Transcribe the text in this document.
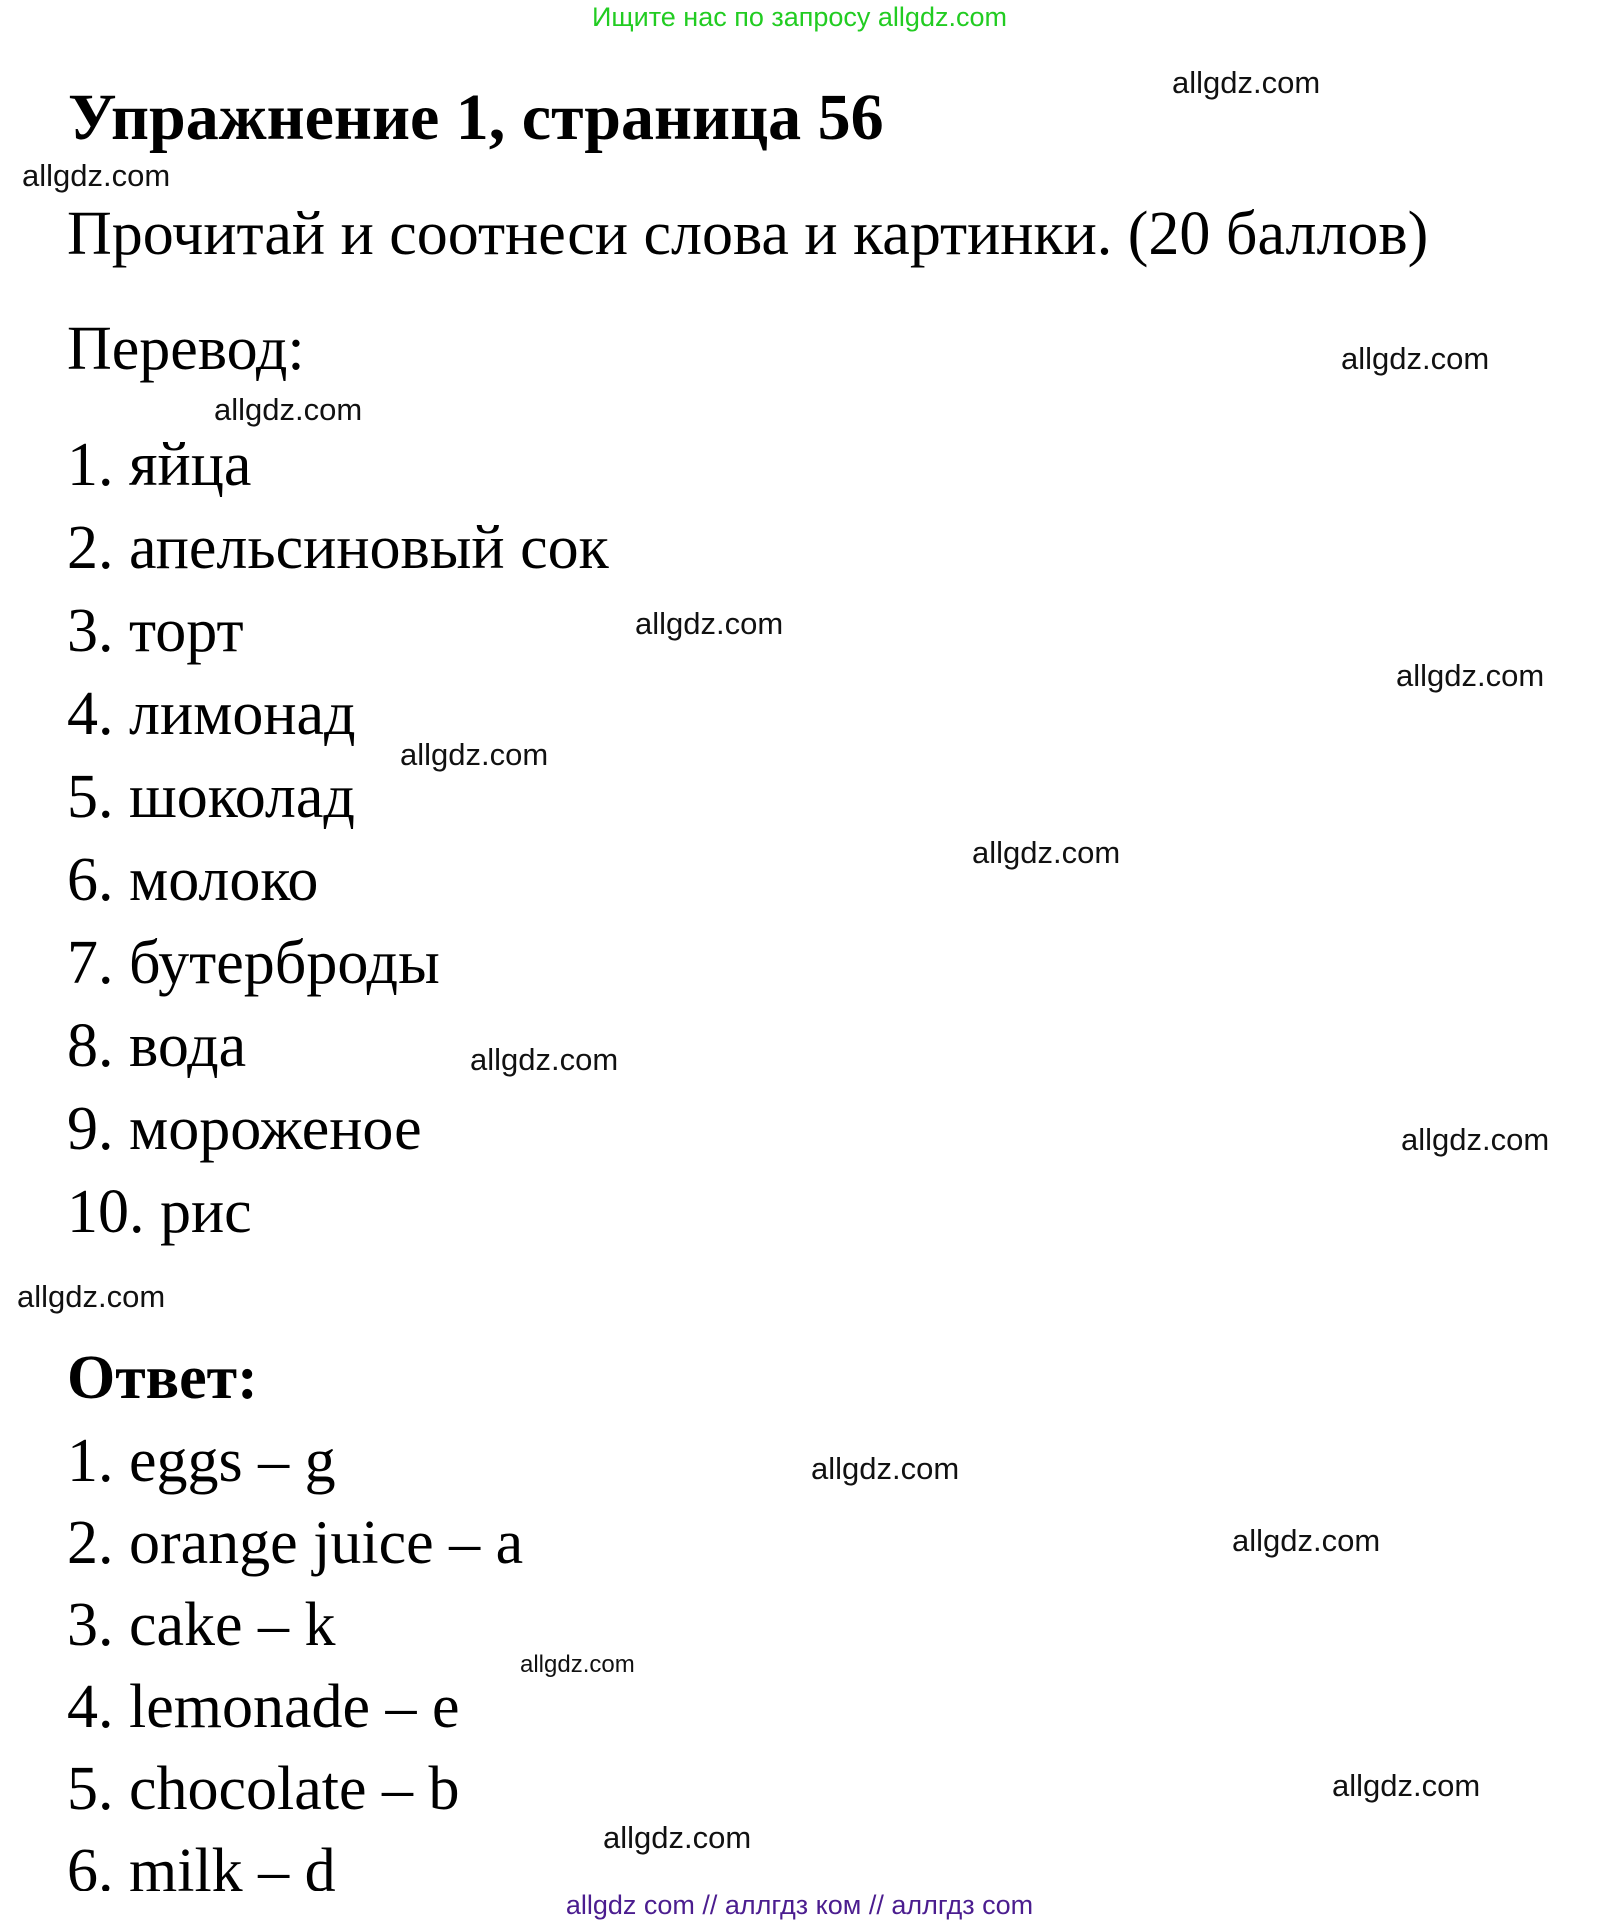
Ищите нас по запросу allgdz.com
Упражнение 1, страница 56
Прочитай и соотнеси слова и картинки. (20 баллов)
Перевод:
1. яйца
2. апельсиновый сок
3. торт
4. лимонад
5. шоколад
6. молоко
7. бутерброды
8. вода
9. мороженое
10. рис
Ответ:
1. eggs – g
2. orange juice – a
3. cake – k
4. lemonade – e
5. chocolate – b
6. milk – d
allgdz.com
allgdz.com
allgdz.com
allgdz.com
allgdz.com
allgdz.com
allgdz.com
allgdz.com
allgdz.com
allgdz.com
allgdz.com
allgdz.com
allgdz.com
allgdz.com
allgdz.com
allgdz.com
allgdz com // аллгдз ком // аллгдз com
